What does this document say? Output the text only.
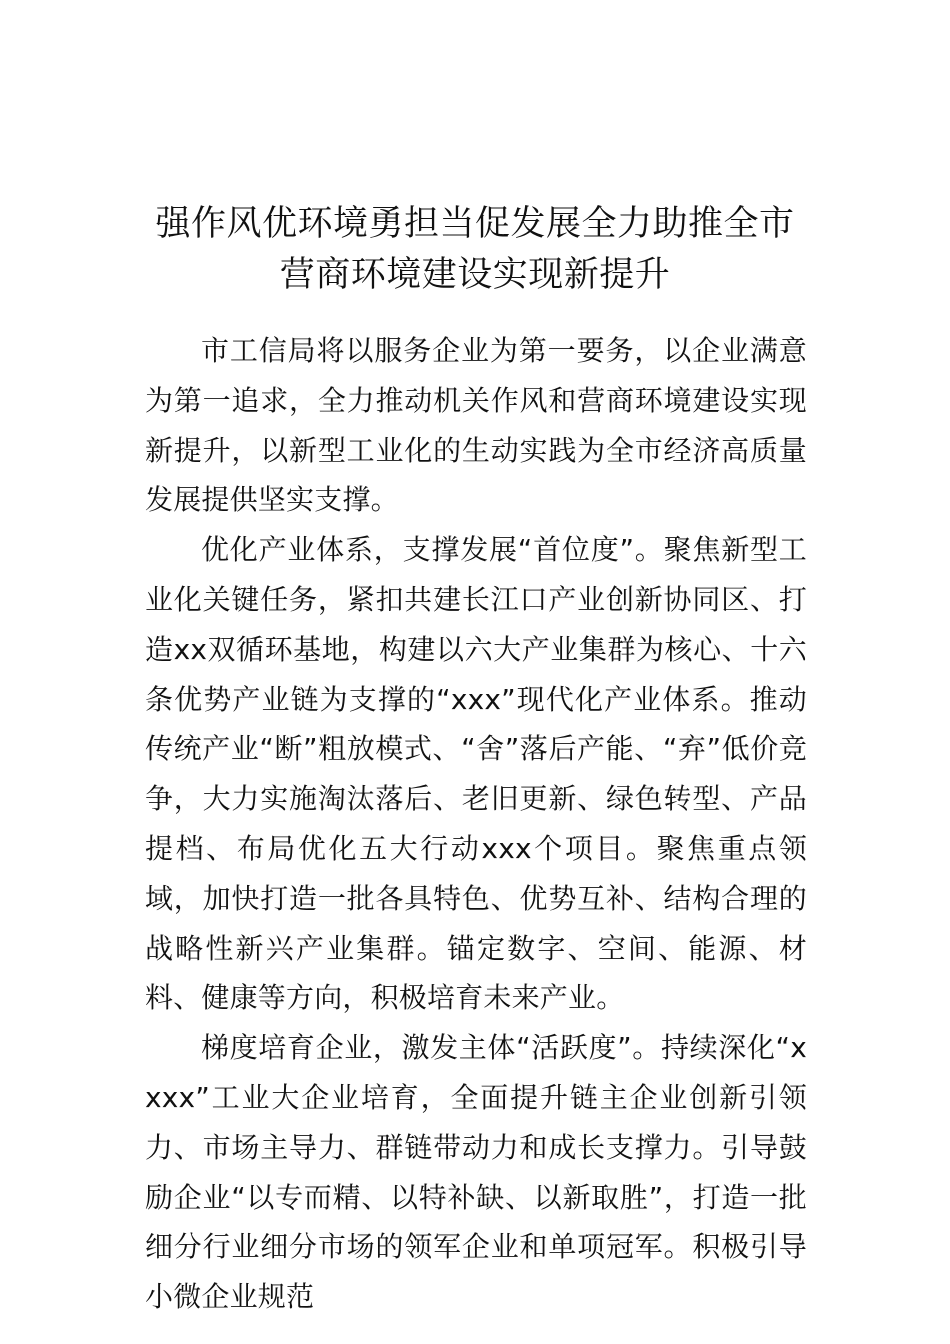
强作风优环境勇担当促发展全力助推全市营商环境建设实现新提升

市工信局将以服务企业为第一要务，以企业满意为第一追求，全力推动机关作风和营商环境建设实现新提升，以新型工业化的生动实践为全市经济高质量发展提供坚实支撑。

优化产业体系，支撑发展“首位度”。聚焦新型工业化关键任务，紧扣共建长江口产业创新协同区、打造xx双循环基地，构建以六大产业集群为核心、十六条优势产业链为支撑的“xxx”现代化产业体系。推动传统产业“断”粗放模式、“舍”落后产能、“弃”低价竞争，大力实施淘汰落后、老旧更新、绿色转型、产品提档、布局优化五大行动xxx个项目。聚焦重点领域，加快打造一批各具特色、优势互补、结构合理的战略性新兴产业集群。锚定数字、空间、能源、材料、健康等方向，积极培育未来产业。

梯度培育企业，激发主体“活跃度”。持续深化“xxxx”工业大企业培育，全面提升链主企业创新引领力、市场主导力、群链带动力和成长支撑力。引导鼓励企业“以专而精、以特补缺、以新取胜”，打造一批细分行业细分市场的领军企业和单项冠军。积极引导小微企业规范
